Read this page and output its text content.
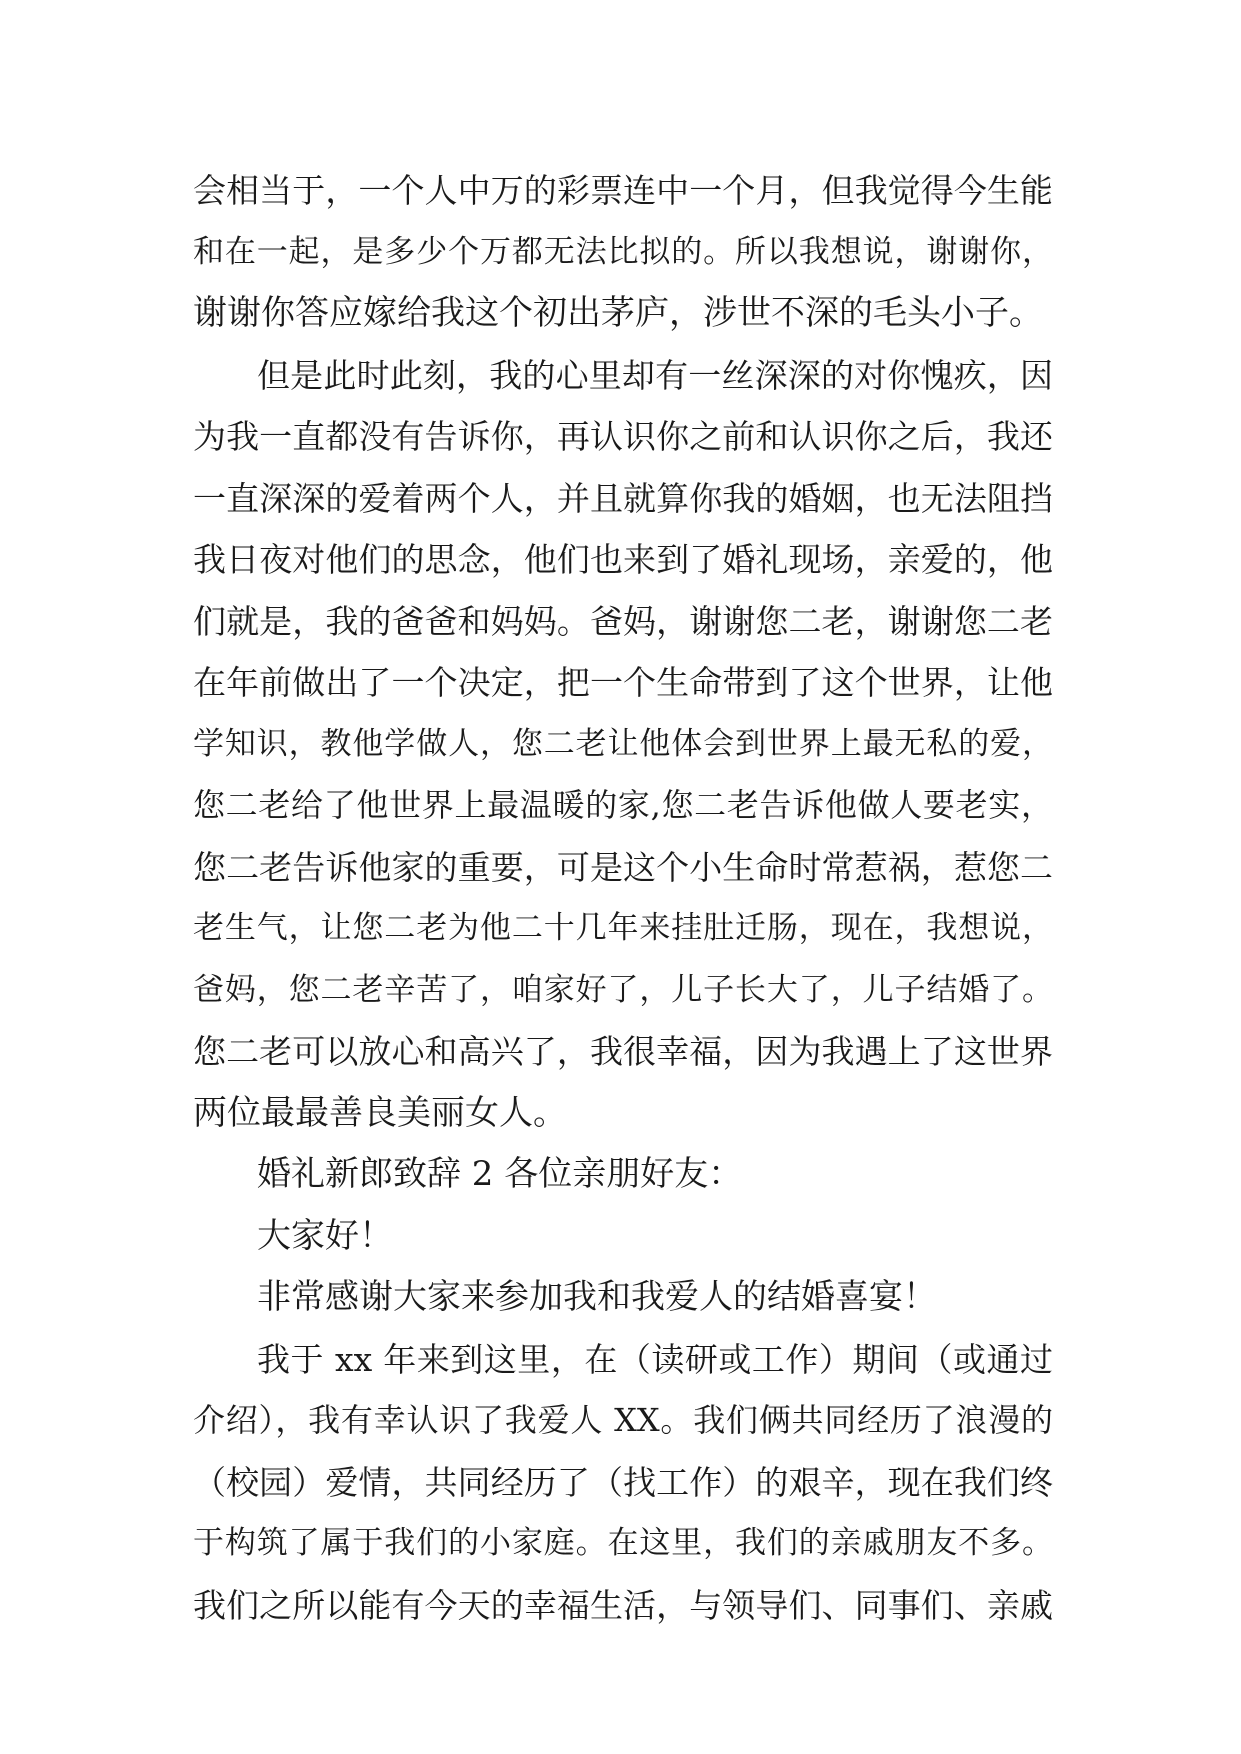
会相当于，一个人中万的彩票连中一个月，但我觉得今生能
和在一起，是多少个万都无法比拟的。所以我想说，谢谢你，
谢谢你答应嫁给我这个初出茅庐，涉世不深的毛头小子。
但是此时此刻，我的心里却有一丝深深的对你愧疚，因
为我一直都没有告诉你，再认识你之前和认识你之后，我还
一直深深的爱着两个人，并且就算你我的婚姻，也无法阻挡
我日夜对他们的思念，他们也来到了婚礼现场，亲爱的，他
们就是，我的爸爸和妈妈。爸妈，谢谢您二老，谢谢您二老
在年前做出了一个决定，把一个生命带到了这个世界，让他
学知识，教他学做人，您二老让他体会到世界上最无私的爱，
您二老给了他世界上最温暖的家,您二老告诉他做人要老实，
您二老告诉他家的重要，可是这个小生命时常惹祸，惹您二
老生气，让您二老为他二十几年来挂肚迁肠，现在，我想说，
爸妈，您二老辛苦了，咱家好了，儿子长大了，儿子结婚了。
您二老可以放心和高兴了，我很幸福，因为我遇上了这世界
两位最最善良美丽女人。
婚礼新郎致辞 2 各位亲朋好友：
大家好！
非常感谢大家来参加我和我爱人的结婚喜宴！
我于 xx 年来到这里，在（读研或工作）期间（或通过
介绍），我有幸认识了我爱人 XX。我们俩共同经历了浪漫的
（校园）爱情，共同经历了（找工作）的艰辛，现在我们终
于构筑了属于我们的小家庭。在这里，我们的亲戚朋友不多。
我们之所以能有今天的幸福生活，与领导们、同事们、亲戚
